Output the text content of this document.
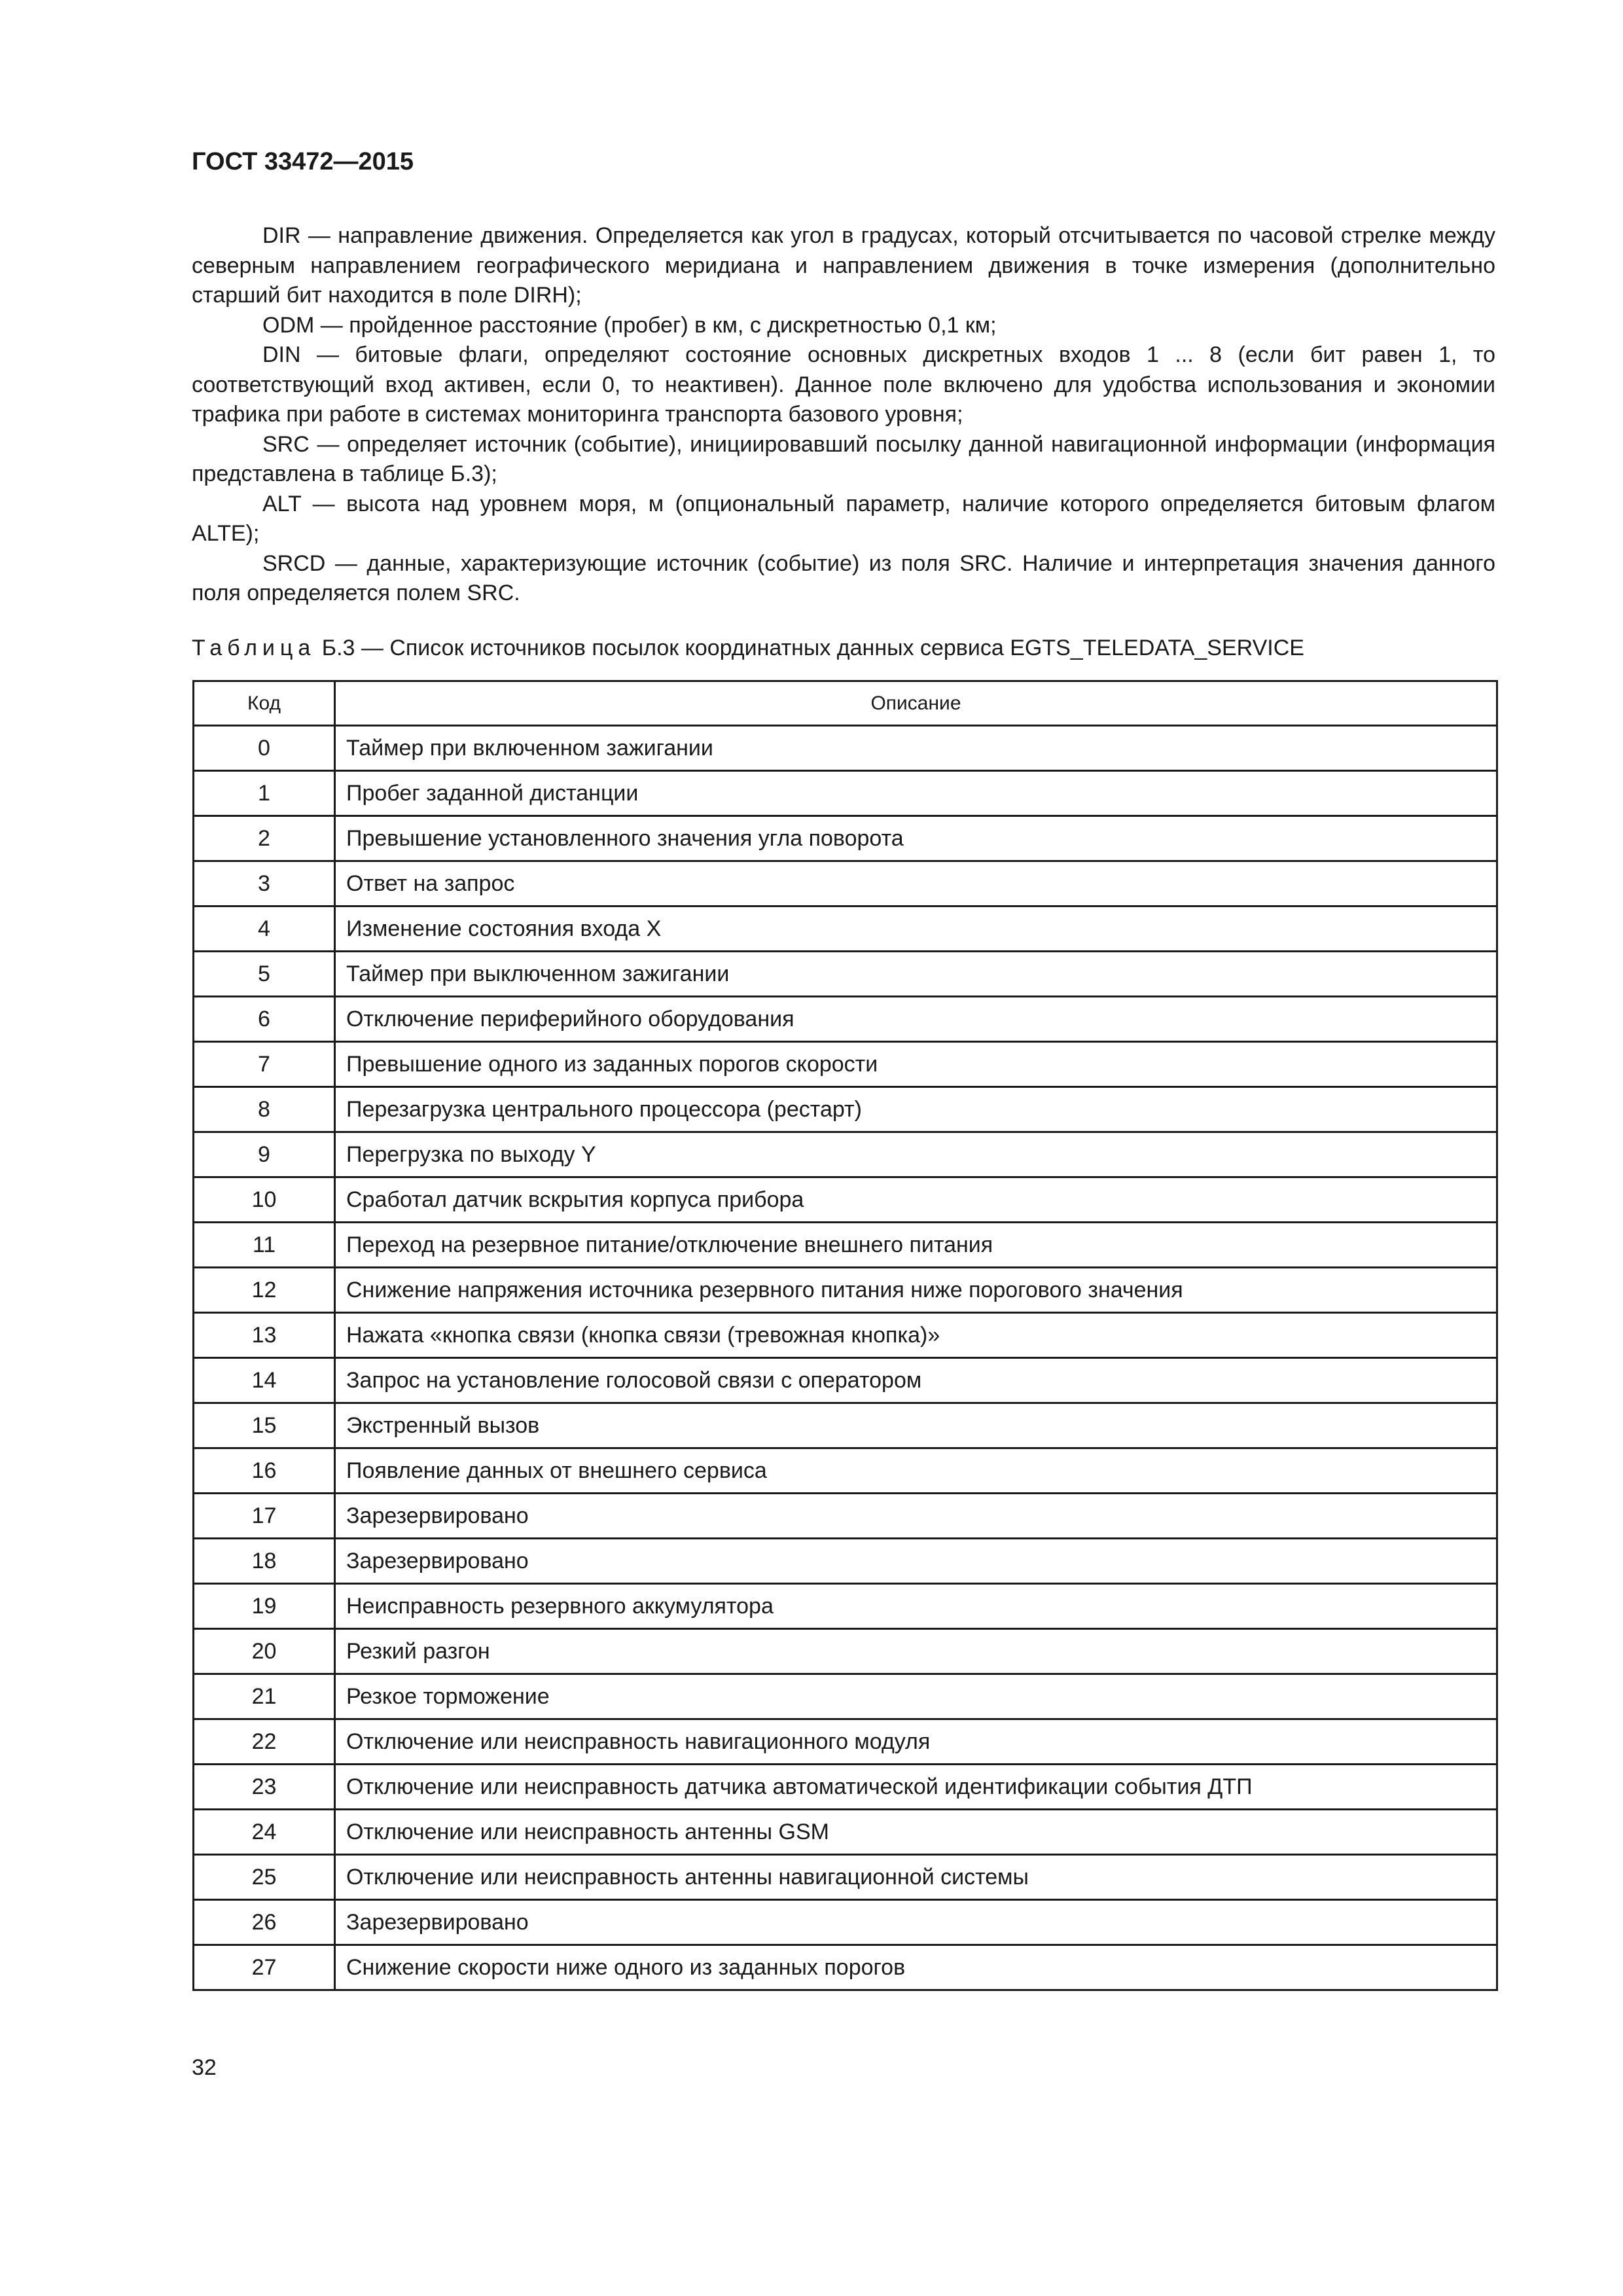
ГОСТ 33472—2015

DIR — направление движения. Определяется как угол в градусах, который отсчитывается по часовой стрелке между северным направлением географического меридиана и направлением движения в точке измерения (дополнительно старший бит находится в поле DIRH);

ODM — пройденное расстояние (пробег) в км, с дискретностью 0,1 км;

DIN — битовые флаги, определяют состояние основных дискретных входов 1 ... 8 (если бит равен 1, то соответствующий вход активен, если 0, то неактивен). Данное поле включено для удобства использования и экономии трафика при работе в системах мониторинга транспорта базового уровня;

SRC — определяет источник (событие), инициировавший посылку данной навигационной информации (информация представлена в таблице Б.3);

ALT — высота над уровнем моря, м (опциональный параметр, наличие которого определяется битовым флагом ALTE);

SRCD — данные, характеризующие источник (событие) из поля SRC. Наличие и интерпретация значения данного поля определяется полем SRC.

Таблица Б.3 — Список источников посылок координатных данных сервиса EGTS_TELEDATA_SERVICE
Код	Описание
0	Таймер при включенном зажигании
1	Пробег заданной дистанции
2	Превышение установленного значения угла поворота
3	Ответ на запрос
4	Изменение состояния входа X
5	Таймер при выключенном зажигании
6	Отключение периферийного оборудования
7	Превышение одного из заданных порогов скорости
8	Перезагрузка центрального процессора (рестарт)
9	Перегрузка по выходу Y
10	Сработал датчик вскрытия корпуса прибора
11	Переход на резервное питание/отключение внешнего питания
12	Снижение напряжения источника резервного питания ниже порогового значения
13	Нажата «кнопка связи (кнопка связи (тревожная кнопка)»
14	Запрос на установление голосовой связи с оператором
15	Экстренный вызов
16	Появление данных от внешнего сервиса
17	Зарезервировано
18	Зарезервировано
19	Неисправность резервного аккумулятора
20	Резкий разгон
21	Резкое торможение
22	Отключение или неисправность навигационного модуля
23	Отключение или неисправность датчика автоматической идентификации события ДТП
24	Отключение или неисправность антенны GSM
25	Отключение или неисправность антенны навигационной системы
26	Зарезервировано
27	Снижение скорости ниже одного из заданных порогов
32
